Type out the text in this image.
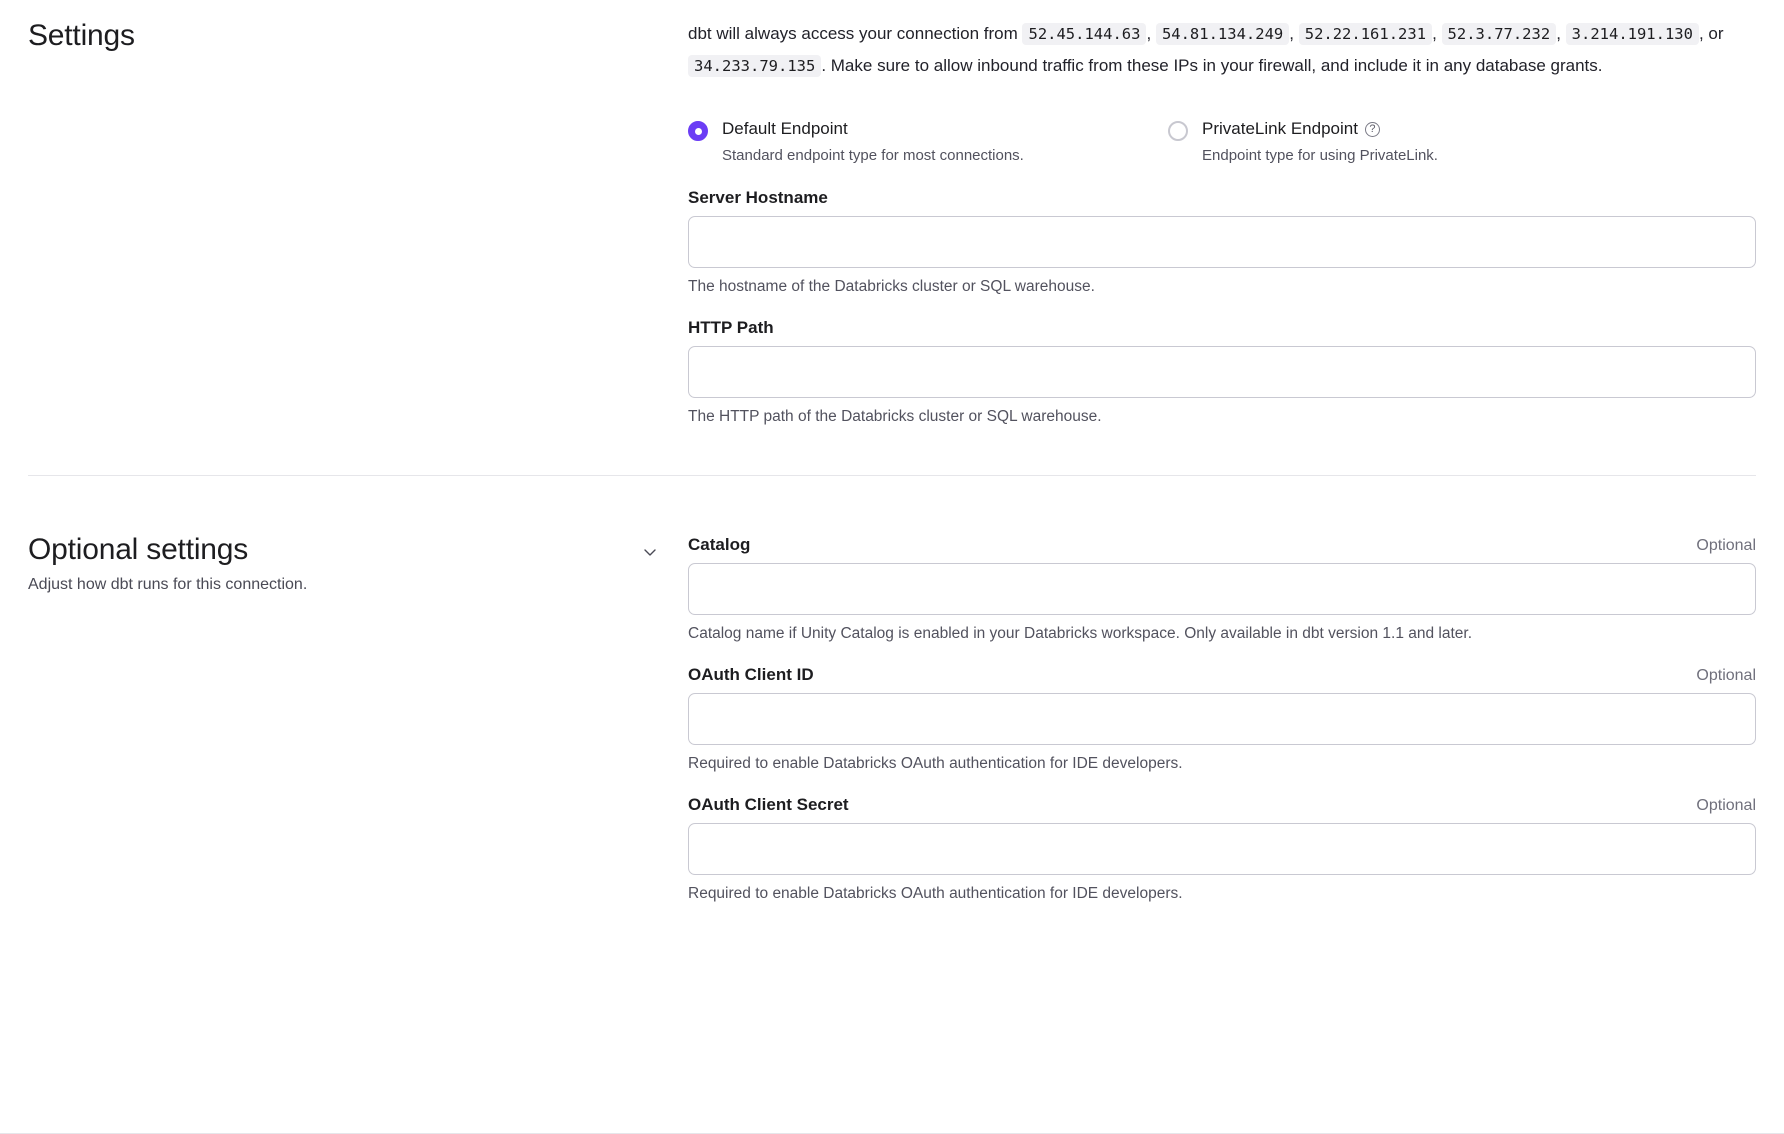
Settings	dbt will always access your connection from 52.45.144.63 , 54.81.134.249 , 52.22.161.231 , 52.3.77.232 , 3.214.191.130 , or 34.233.79.135 . Make sure to allow inbound traffic from these IPs in your firewall, and include it in any database grants.
Default Endpoint
Standard endpoint type for most connections.
PrivateLink Endpoint ?
Endpoint type for using PrivateLink.
Server Hostname
The hostname of the Databricks cluster or SQL warehouse.
HTTP Path
The HTTP path of the Databricks cluster or SQL warehouse.
Optional settings
Adjust how dbt runs for this connection.
Catalog	Optional
Catalog name if Unity Catalog is enabled in your Databricks workspace. Only available in dbt version 1.1 and later.
OAuth Client ID	Optional
Required to enable Databricks OAuth authentication for IDE developers.
OAuth Client Secret	Optional
Required to enable Databricks OAuth authentication for IDE developers.
